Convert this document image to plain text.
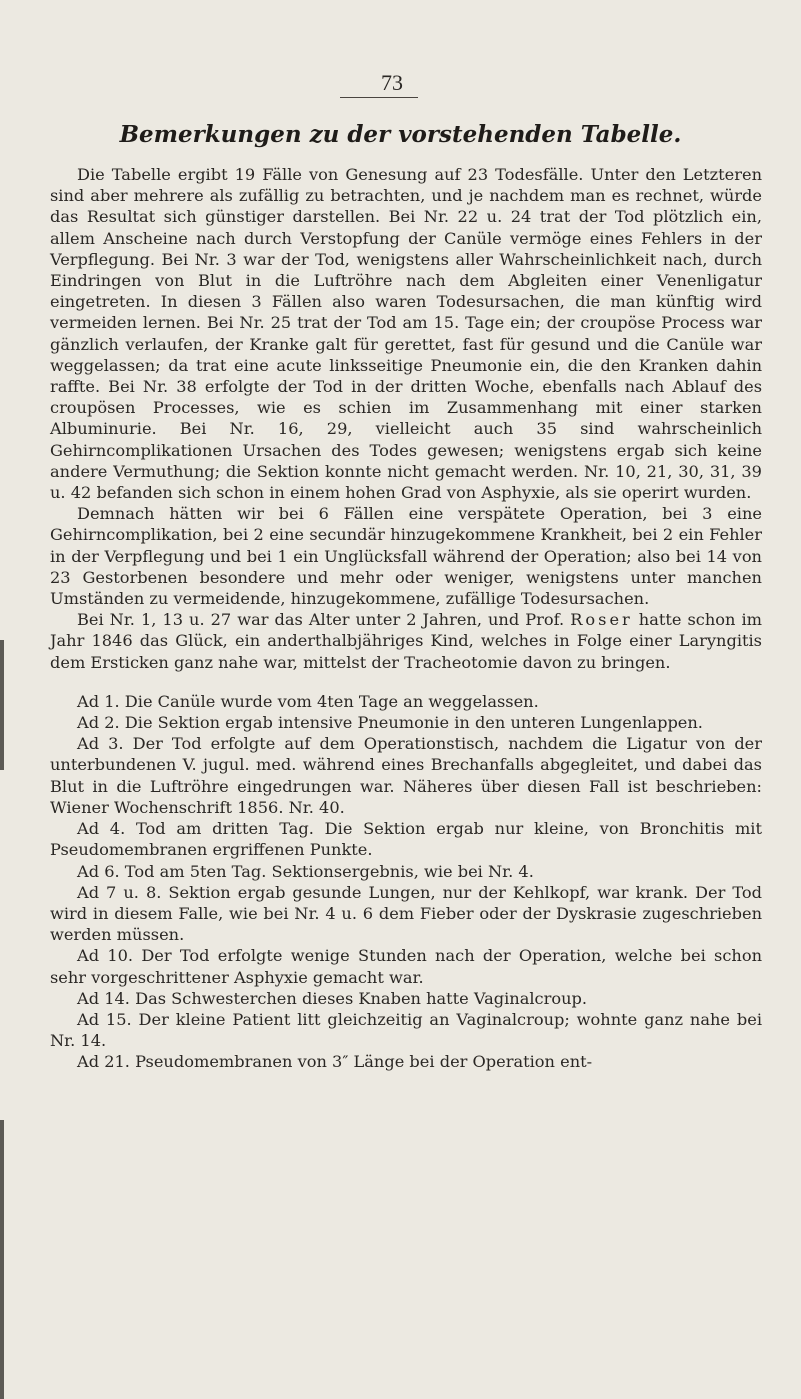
73
Bemerkungen zu der vorstehenden Tabelle.

Die Tabelle ergibt 19 Fälle von Genesung auf 23 Todesfälle. Unter den Letzteren sind aber mehrere als zufällig zu betrachten, und je nachdem man es rechnet, würde das Resultat sich günstiger darstellen. Bei Nr. 22 u. 24 trat der Tod plötzlich ein, allem Anscheine nach durch Verstopfung der Canüle vermöge eines Fehlers in der Verpflegung. Bei Nr. 3 war der Tod, wenigstens aller Wahrscheinlichkeit nach, durch Eindringen von Blut in die Luftröhre nach dem Abgleiten einer Venenligatur eingetreten. In diesen 3 Fällen also waren Todesursachen, die man künftig wird vermeiden lernen. Bei Nr. 25 trat der Tod am 15. Tage ein; der croupöse Process war gänzlich verlaufen, der Kranke galt für gerettet, fast für gesund und die Canüle war weggelassen; da trat eine acute linksseitige Pneumonie ein, die den Kranken dahin raffte. Bei Nr. 38 erfolgte der Tod in der dritten Woche, ebenfalls nach Ablauf des croupösen Processes, wie es schien im Zusammenhang mit einer starken Albuminurie. Bei Nr. 16, 29, vielleicht auch 35 sind wahrscheinlich Gehirncomplikationen Ursachen des Todes gewesen; wenigstens ergab sich keine andere Vermuthung; die Sektion konnte nicht gemacht werden. Nr. 10, 21, 30, 31, 39 u. 42 befanden sich schon in einem hohen Grad von Asphyxie, als sie operirt wurden.

Demnach hätten wir bei 6 Fällen eine verspätete Operation, bei 3 eine Gehirncomplikation, bei 2 eine secundär hinzugekommene Krankheit, bei 2 ein Fehler in der Verpflegung und bei 1 ein Unglücksfall während der Operation; also bei 14 von 23 Gestorbenen besondere und mehr oder weniger, wenigstens unter manchen Umständen zu vermeidende, hinzugekommene, zufällige Todesursachen.

Bei Nr. 1, 13 u. 27 war das Alter unter 2 Jahren, und Prof. Roser hatte schon im Jahr 1846 das Glück, ein anderthalbjähriges Kind, welches in Folge einer Laryngitis dem Ersticken ganz nahe war, mittelst der Tracheotomie davon zu bringen.

Ad 1. Die Canüle wurde vom 4ten Tage an weggelassen.

Ad 2. Die Sektion ergab intensive Pneumonie in den unteren Lungenlappen.

Ad 3. Der Tod erfolgte auf dem Operationstisch, nachdem die Ligatur von der unterbundenen V. jugul. med. während eines Brechanfalls abgegleitet, und dabei das Blut in die Luftröhre eingedrungen war. Näheres über diesen Fall ist beschrieben: Wiener Wochenschrift 1856. Nr. 40.

Ad 4. Tod am dritten Tag. Die Sektion ergab nur kleine, von Bronchitis mit Pseudomembranen ergriffenen Punkte.

Ad 6. Tod am 5ten Tag. Sektionsergebnis, wie bei Nr. 4.

Ad 7 u. 8. Sektion ergab gesunde Lungen, nur der Kehlkopf, war krank. Der Tod wird in diesem Falle, wie bei Nr. 4 u. 6 dem Fieber oder der Dyskrasie zugeschrieben werden müssen.

Ad 10. Der Tod erfolgte wenige Stunden nach der Operation, welche bei schon sehr vorgeschrittener Asphyxie gemacht war.

Ad 14. Das Schwesterchen dieses Knaben hatte Vaginalcroup.

Ad 15. Der kleine Patient litt gleichzeitig an Vaginalcroup; wohnte ganz nahe bei Nr. 14.

Ad 21. Pseudomembranen von 3″ Länge bei der Operation ent-
